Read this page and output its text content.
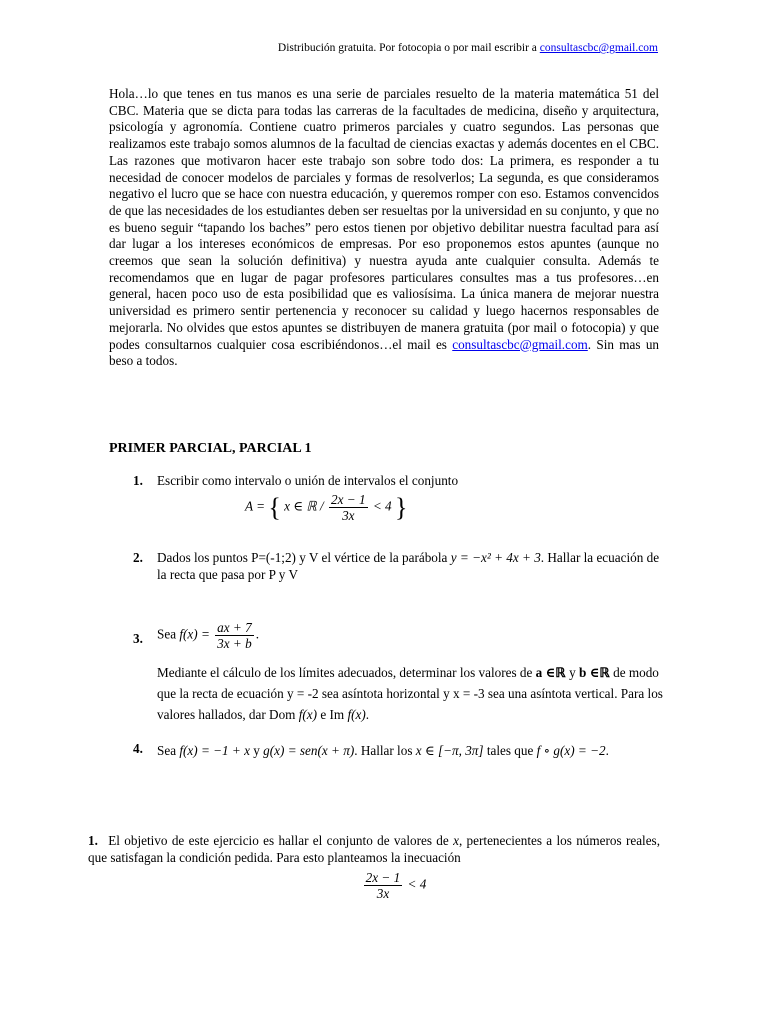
Distribución gratuita. Por fotocopia o por mail escribir a consultascbc@gmail.com

Hola…lo que tenes en tus manos es una serie de parciales resuelto de la materia matemática 51 del CBC. Materia que se dicta para todas las carreras de la facultades de medicina, diseño y arquitectura, psicología y agronomía. Contiene cuatro primeros parciales y cuatro segundos. Las personas que realizamos este trabajo somos alumnos de la facultad de ciencias exactas y además docentes en el CBC. Las razones que motivaron hacer este trabajo son sobre todo dos: La primera, es responder a tu necesidad de conocer modelos de parciales y formas de resolverlos; La segunda, es que consideramos negativo el lucro que se hace con nuestra educación, y queremos romper con eso. Estamos convencidos de que las necesidades de los estudiantes deben ser resueltas por la universidad en su conjunto, y que no es bueno seguir “tapando los baches” pero estos tienen por objetivo debilitar nuestra facultad para así dar lugar a los intereses económicos de empresas. Por eso proponemos estos apuntes (aunque no creemos que sean la solución definitiva) y nuestra ayuda ante cualquier consulta. Además te recomendamos que en lugar de pagar profesores particulares consultes mas a tus profesores…en general, hacen poco uso de esta posibilidad que es valiosísima. La única manera de mejorar nuestra universidad es primero sentir pertenencia y reconocer su calidad y luego hacernos responsables de mejorarla. No olvides que estos apuntes se distribuyen de manera gratuita (por mail o fotocopia) y que podes consultarnos cualquier cosa escribiéndonos…el mail es consultascbc@gmail.com. Sin mas un beso a todos.

PRIMER PARCIAL, PARCIAL 1
1. Escribir como intervalo o unión de intervalos el conjunto
A = { x ∈ ℝ / $\frac{2x - 1}{3x} < 4$ }
2. Dados los puntos P=(-1;2) y V el vértice de la parábola y = −x² + 4x + 3. Hallar la ecuación de la recta que pasa por P y V
3. Sea $f(x) = \frac{ax + 7}{3x + b}$ .
Mediante el cálculo de los límites adecuados, determinar los valores de a ∈ℝ y b ∈ℝ de modo que la recta de ecuación y = -2 sea asíntota horizontal y x = -3 sea una asíntota vertical. Para los valores hallados, dar Dom f(x) e Im f(x).
4. Sea f(x) = −1 + x y g(x) = sen(x + π). Hallar los x ∈ [−π, 3π] tales que f ∘ g(x) = −2.
1. El objetivo de este ejercicio es hallar el conjunto de valores de x, pertenecientes a los números reales, que satisfagan la condición pedida. Para esto planteamos la inecuación
$\frac{2x - 1}{3x} < 4$
